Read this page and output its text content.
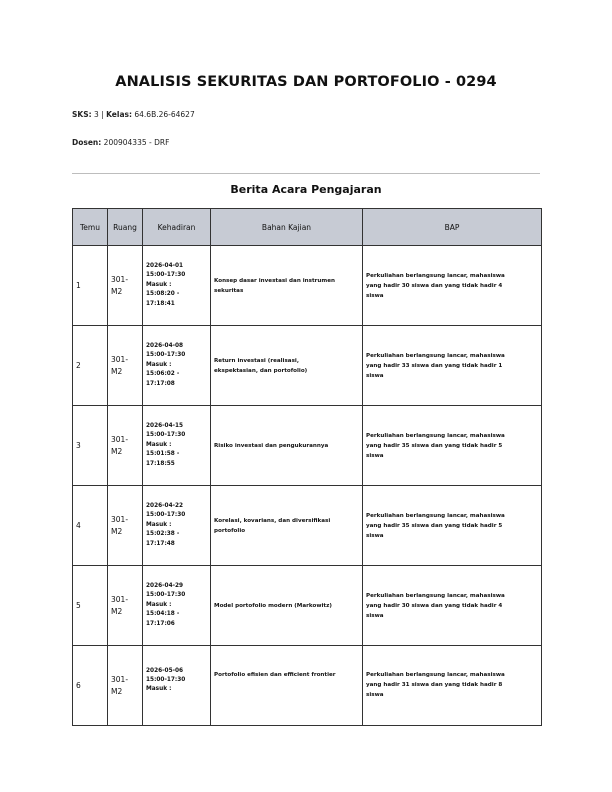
ANALISIS SEKURITAS DAN PORTOFOLIO - 0294
SKS: 3 | Kelas: 64.6B.26-64627
Dosen: 200904335 - DRF
Berita Acara Pengajaran
Temu	Ruang	Kehadiran	Bahan Kajian	BAP
1	301-
M2	2026-04-01
15:00-17:30
Masuk :
15:08:20 -
17:18:41	Konsep dasar investasi dan instrumen
sekuritas	Perkuliahan berlangsung lancar, mahasiswa
yang hadir 30 siswa dan yang tidak hadir 4
siswa

2	301-
M2	2026-04-08
15:00-17:30
Masuk :
15:06:02 -
17:17:08	Return investasi (realisasi,
ekspektasian, dan portofolio)	Perkuliahan berlangsung lancar, mahasiswa
yang hadir 33 siswa dan yang tidak hadir 1
siswa

3	301-
M2	2026-04-15
15:00-17:30
Masuk :
15:01:58 -
17:18:55	Risiko investasi dan pengukurannya	Perkuliahan berlangsung lancar, mahasiswa
yang hadir 35 siswa dan yang tidak hadir 5
siswa

4	301-
M2	2026-04-22
15:00-17:30
Masuk :
15:02:38 -
17:17:48	Korelasi, kovarians, dan diversifikasi
portofolio	Perkuliahan berlangsung lancar, mahasiswa
yang hadir 35 siswa dan yang tidak hadir 5
siswa

5	301-
M2	2026-04-29
15:00-17:30
Masuk :
15:04:18 -
17:17:06	Model portofolio modern (Markowitz)	Perkuliahan berlangsung lancar, mahasiswa
yang hadir 30 siswa dan yang tidak hadir 4
siswa

6	301-
M2	2026-05-06
15:00-17:30
Masuk :	Portofolio efisien dan efficient frontier	Perkuliahan berlangsung lancar, mahasiswa
yang hadir 31 siswa dan yang tidak hadir 8
siswa
